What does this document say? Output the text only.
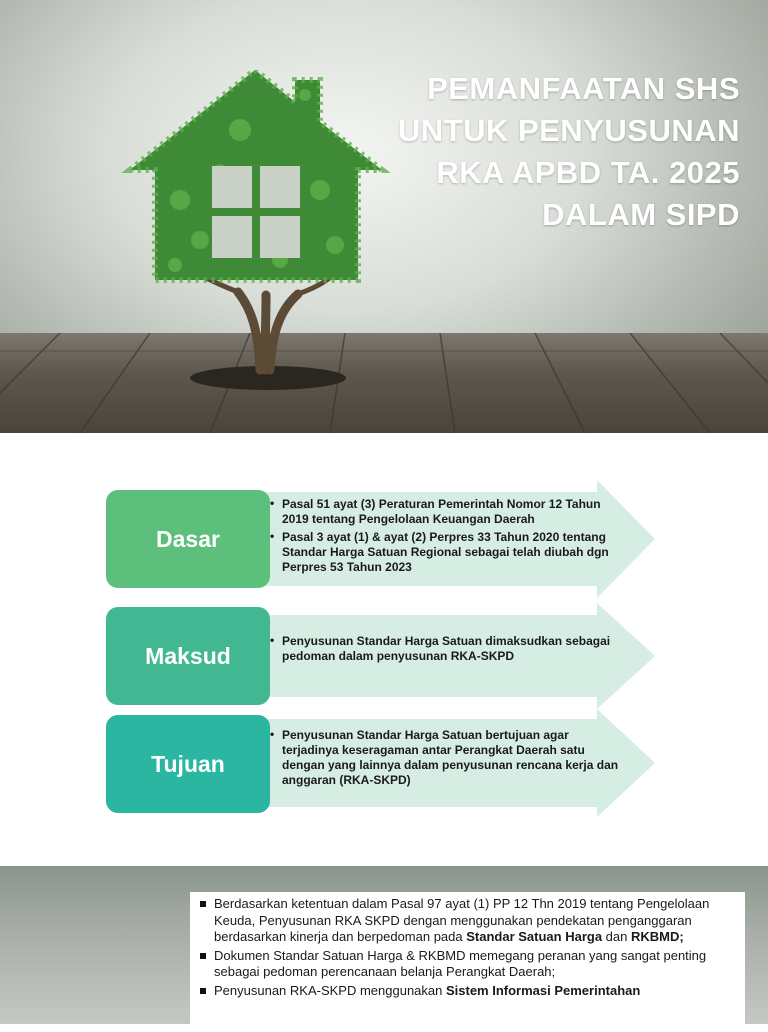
PEMANFAATAN SHS
UNTUK PENYUSUNAN
RKA APBD TA. 2025
DALAM SIPD
Dasar
• Pasal 51 ayat (3) Peraturan Pemerintah Nomor 12 Tahun 2019 tentang Pengelolaan Keuangan Daerah
• Pasal 3 ayat (1) & ayat (2) Perpres 33 Tahun 2020 tentang Standar Harga Satuan Regional sebagai telah diubah dgn Perpres 53 Tahun 2023
Maksud
• Penyusunan Standar Harga Satuan dimaksudkan sebagai pedoman dalam penyusunan RKA-SKPD
Tujuan
• Penyusunan Standar Harga Satuan bertujuan agar terjadinya keseragaman antar Perangkat Daerah satu dengan yang lainnya dalam penyusunan rencana kerja dan anggaran (RKA-SKPD)
Berdasarkan ketentuan dalam Pasal 97 ayat (1) PP 12 Thn 2019 tentang Pengelolaan Keuda, Penyusunan RKA SKPD dengan menggunakan pendekatan penganggaran berdasarkan kinerja dan berpedoman pada Standar Satuan Harga dan RKBMD;
Dokumen Standar Satuan Harga & RKBMD memegang peranan yang sangat penting sebagai pedoman perencanaan belanja Perangkat Daerah;
Penyusunan RKA-SKPD menggunakan Sistem Informasi Pemerintahan
